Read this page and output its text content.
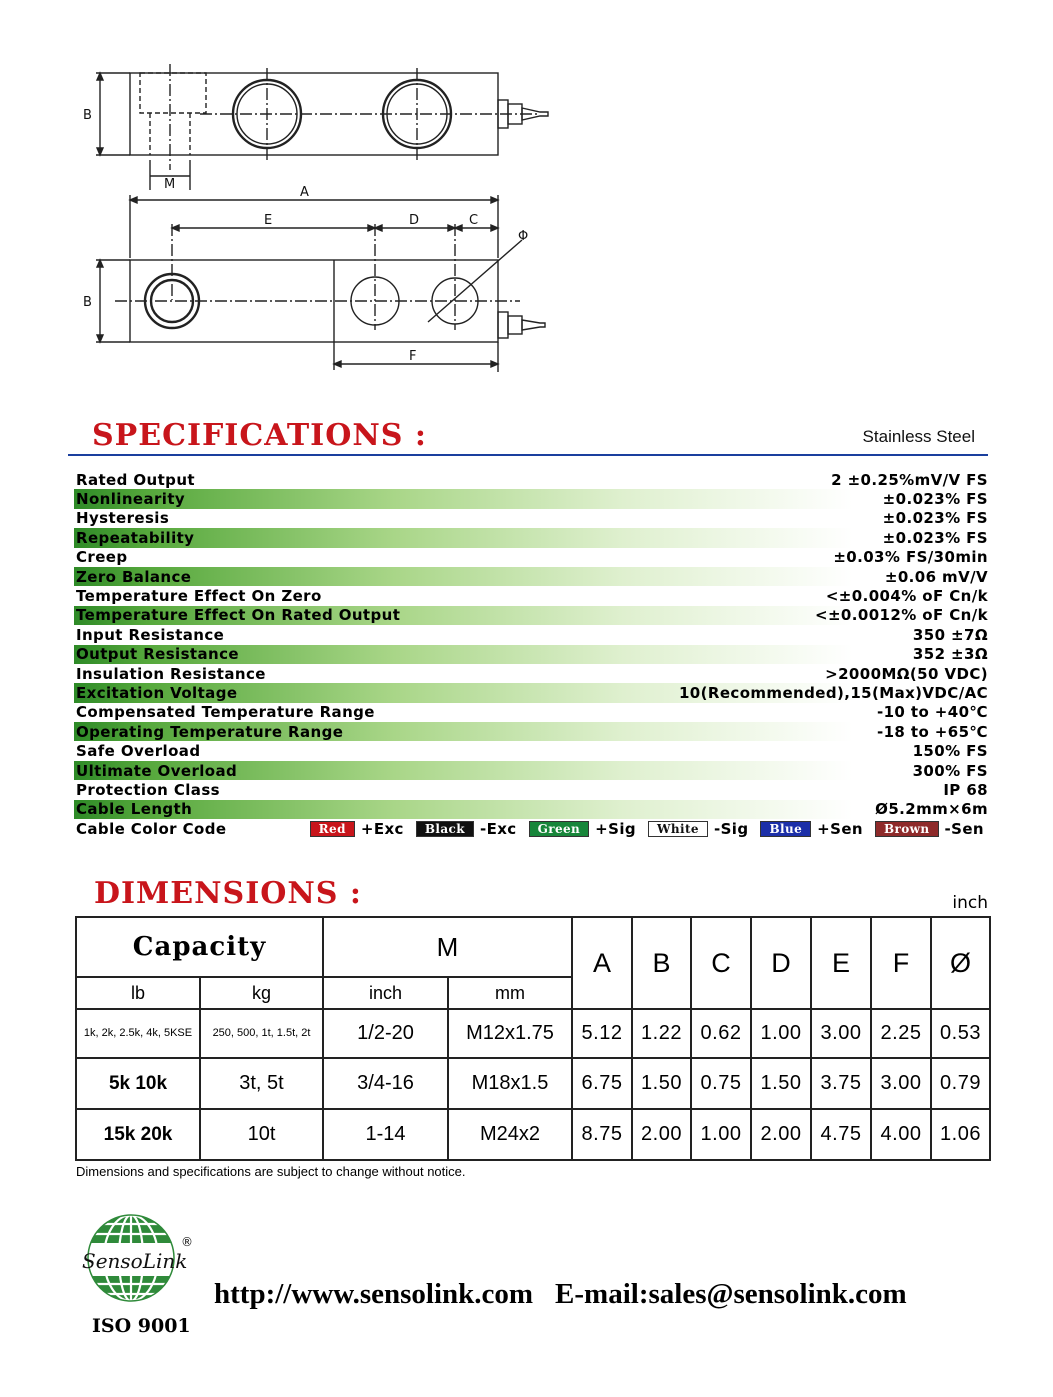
B
M
A
E	D	C
Φ
B
F
SPECIFICATIONS :	Stainless Steel
Rated Output	2 ±0.25%mV/V FS
Nonlinearity	±0.023% FS
Hysteresis	±0.023% FS
Repeatability	±0.023% FS
Creep	±0.03% FS/30min
Zero Balance	±0.06 mV/V
Temperature Effect On Zero	<±0.004% oF Cn/k
Temperature Effect On Rated Output	<±0.0012% oF Cn/k
Input Resistance	350 ±7Ω
Output Resistance	352 ±3Ω
Insulation Resistance	>2000MΩ(50 VDC)
Excitation Voltage	10(Recommended),15(Max)VDC/AC
Compensated Temperature Range	-10 to +40℃
Operating Temperature Range	-18 to +65℃
Safe Overload	150% FS
Ultimate Overload	300% FS
Protection Class	IP 68
Cable Length	Ø5.2mm×6m
Cable Color Code	Red	+Exc	Black	-Exc	Green	+Sig	White	-Sig	Blue	+Sen	Brown	-Sen
DIMENSIONS :	inch
Capacity		M		A	B	C	D	E	F	Ø
lb	kg	inch	mm							
1k, 2k, 2.5k, 4k, 5KSE	250, 500, 1t, 1.5t, 2t	1/2-20	M12x1.75	5.12	1.22	0.62	1.00	3.00	2.25	0.53
5k 10k	3t, 5t	3/4-16	M18x1.5	6.75	1.50	0.75	1.50	3.75	3.00	0.79
15k 20k	10t	1-14	M24x2	8.75	2.00	1.00	2.00	4.75	4.00	1.06
Dimensions and specifications are subject to change without notice.
SensoLink
®
ISO 9001
http://www.sensolink.com E-mail:sales@sensolink.com
